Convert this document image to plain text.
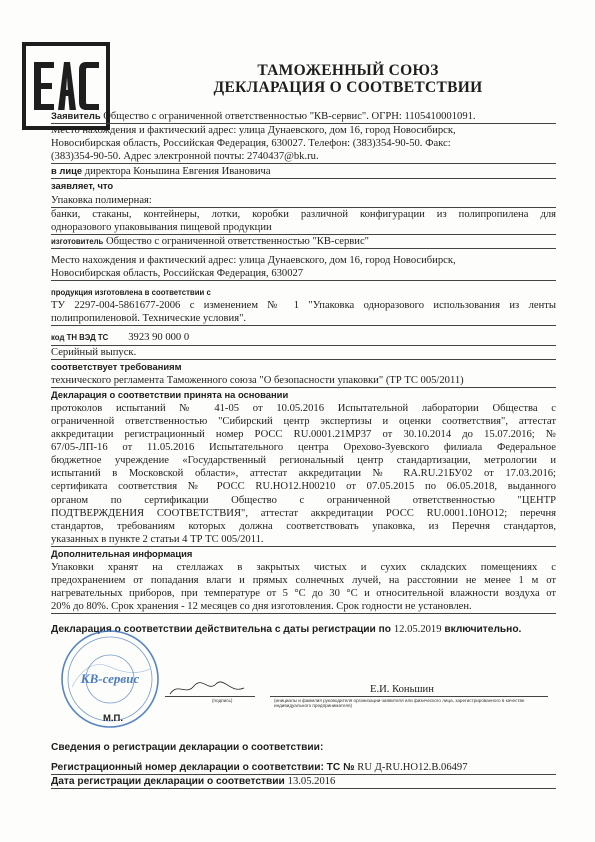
ТАМОЖЕННЫЙ СОЮЗ
ДЕКЛАРАЦИЯ О СООТВЕТСТВИИ
Заявитель Общество с ограниченной ответственностью "КВ-сервис". ОГРН: 1105410001091.
Место нахождения и фактический адрес: улица Дунаевского, дом 16, город Новосибирск,
Новосибирская область, Российская Федерация, 630027. Телефон: (383)354-90-50. Факс:
(383)354-90-50. Адрес электронной почты: 2740437@bk.ru.
в лице директора Коньшина Евгения Ивановича
заявляет, что
Упаковка полимерная:
банки, стаканы, контейнеры, лотки, коробки различной конфигурации из полипропилена для
одноразового упаковывания пищевой продукции
изготовитель Общество с ограниченной ответственностью "КВ-сервис"
Место нахождения и фактический адрес: улица Дунаевского, дом 16, город Новосибирск,
Новосибирская область, Российская Федерация, 630027
продукция изготовлена в соответствии с
ТУ 2297-004-5861677-2006 с изменением № 1 "Упаковка одноразового использования из ленты
полипропиленовой. Технические условия".
код ТН ВЭД ТС 3923 90 000 0
Серийный выпуск.
соответствует требованиям
технического регламента Таможенного союза "О безопасности упаковки" (ТР ТС 005/2011)
Декларация о соответствии принята на основании
протоколов испытаний № 41-05 от 10.05.2016 Испытательной лаборатории Общества с
ограниченной ответственностью "Сибирский центр экспертизы и оценки соответствия", аттестат
аккредитации регистрационный номер РОСС RU.0001.21МР37 от 30.10.2014 до 15.07.2016; №
67/05-ЛП-16 от 11.05.2016 Испытательного центра Орехово-Зуевского филиала Федеральное
бюджетное учреждение «Государственный региональный центр стандартизации, метрологии и
испытаний в Московской области», аттестат аккредитации № RA.RU.21БУ02 от 17.03.2016;
сертификата соответствия № РОСС RU.НО12.Н00210 от 07.05.2015 по 06.05.2018, выданного
органом по сертификации Общество с ограниченной ответственностью "ЦЕНТР
ПОДТВЕРЖДЕНИЯ СООТВЕТСТВИЯ", аттестат аккредитации РОСС RU.0001.10НО12; перечня
стандартов, требованиям которых должна соответствовать упаковка, из Перечня стандартов,
указанных в пункте 2 статьи 4 ТР ТС 005/2011.
Дополнительная информация
Упаковки хранят на стеллажах в закрытых чистых и сухих складских помещениях с
предохранением от попадания влаги и прямых солнечных лучей, на расстоянии не менее 1 м от
нагревательных приборов, при температуре от 5 °С до 30 °С и относительной влажности воздуха от
20% до 80%. Срок хранения - 12 месяцев со дня изготовления. Срок годности не установлен.
Декларация о соответствии действительна с даты регистрации по 12.05.2019 включительно.
КВ-сервис
(подпись)
Е.И. Коньшин
(инициалы и фамилия руководителя организации-заявителя или физического лица, зарегистрированного в качестве индивидуального предпринимателя)
М.П.
Сведения о регистрации декларации о соответствии:
Регистрационный номер декларации о соответствии: ТС № RU Д-RU.НО12.В.06497
Дата регистрации декларации о соответствии 13.05.2016
